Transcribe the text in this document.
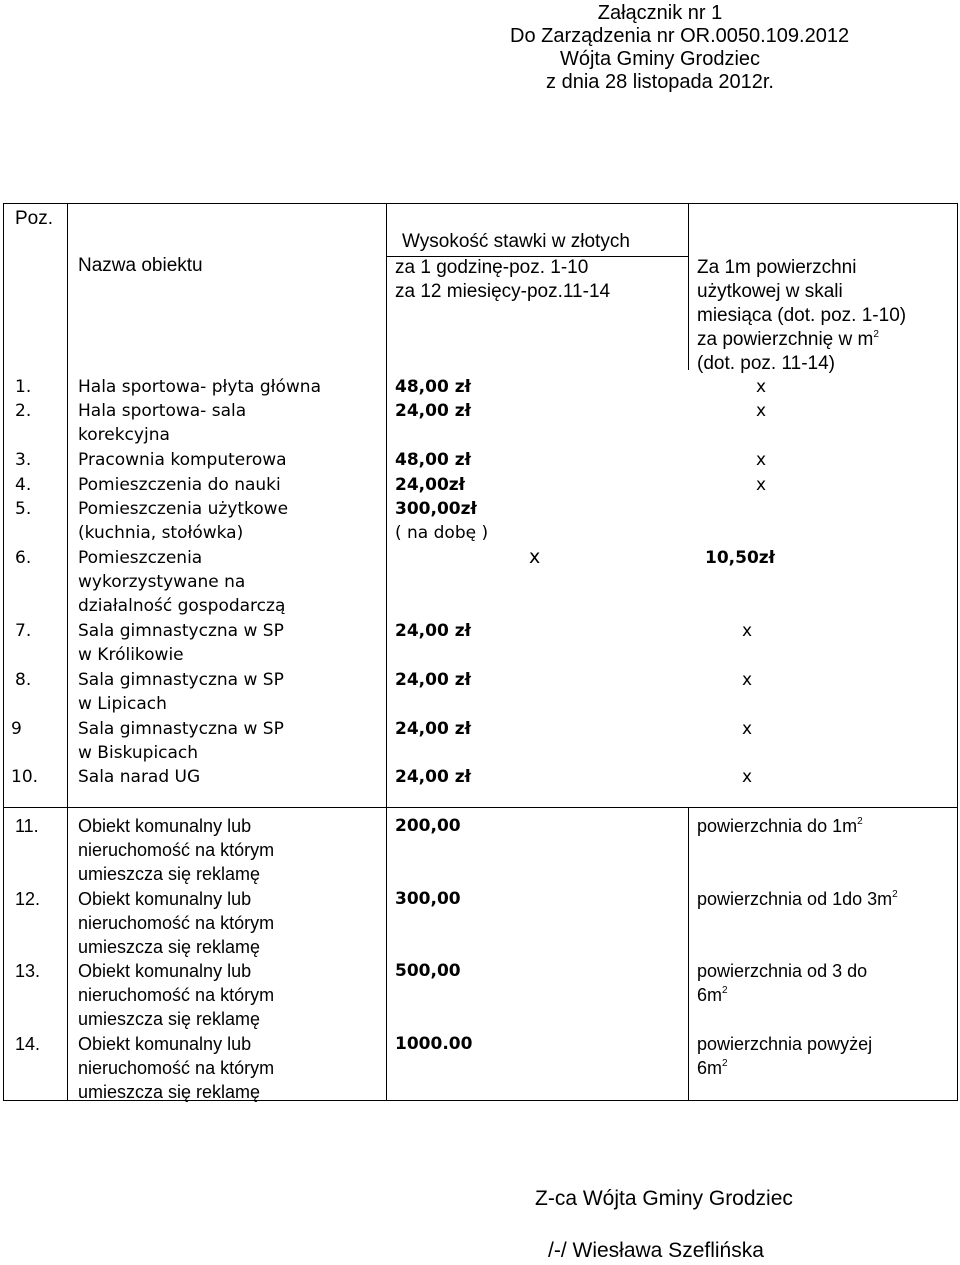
Załącznik nr 1
Do Zarządzenia nr OR.0050.109.2012
Wójta Gminy Grodziec
z dnia 28 listopada 2012r.
Poz.
Nazwa obiektu
Wysokość stawki w złotych
za 1 godzinę-poz. 1-10
za 12 miesięcy-poz.11-14
Za 1m powierzchni
użytkowej w skali
miesiąca (dot. poz. 1-10)
za powierzchnię w $m^2$
(dot. poz. 11-14)
1.	Hala sportowa- płyta główna	48,00 zł	x
2.	Hala sportowa- sala
korekcyjna
24,00 zł	x
3.	Pracownia komputerowa	48,00 zł	x
4.	Pomieszczenia do nauki	24,00zł	x
5.	Pomieszczenia użytkowe
(kuchnia, stołówka)
300,00zł
( na dobę )
6.	Pomieszczenia
wykorzystywane na
działalność gospodarczą
x	10,50zł
7.	Sala gimnastyczna w SP
w Królikowie
24,00 zł	x
8.	Sala gimnastyczna w SP
w Lipicach
24,00 zł	x
9	Sala gimnastyczna w SP
w Biskupicach
24,00 zł	x
10. Sala narad UG	24,00 zł	x
11. Obiekt komunalny lub
nieruchomość na którym
umieszcza się reklamę
200,00	powierzchnia do $1m^2$
12. Obiekt komunalny lub
nieruchomość na którym
umieszcza się reklamę
300,00	powierzchnia od 1do $3m^2$
13. Obiekt komunalny lub
nieruchomość na którym
umieszcza się reklamę
500,00	powierzchnia od 3 do
$6m^2$
14. Obiekt komunalny lub
nieruchomość na którym
umieszcza się reklamę
1000.00	powierzchnia powyżej
$6m^2$
Z-ca Wójta Gminy Grodziec
/-/ Wiesława Szeflińska
